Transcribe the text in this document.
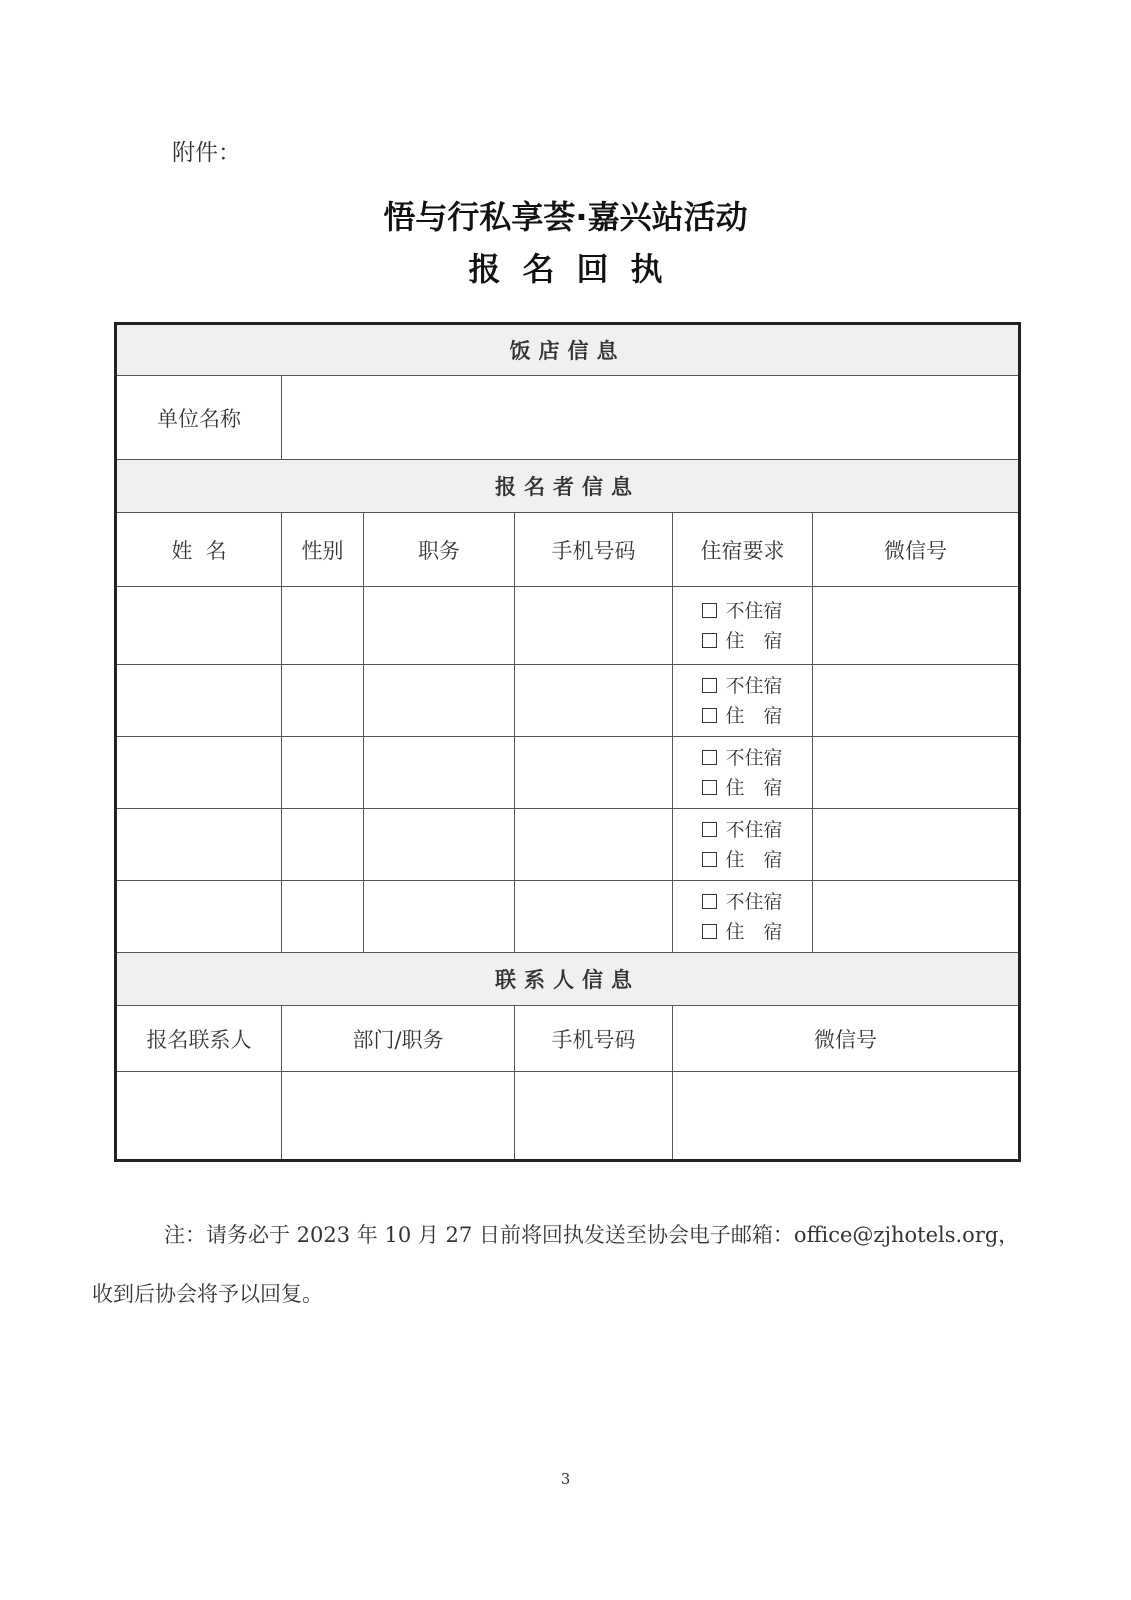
附件：
悟与行私享荟·嘉兴站活动
报名回执
饭店信息					
单位名称					
报名者信息					
姓  名	性别	职务	手机号码	住宿要求	微信号

				不住宿
住　宿	

				不住宿
住　宿	

				不住宿
住　宿	

				不住宿
住　宿	

				不住宿
住　宿	

联系人信息					
报名联系人	部门/职务		手机号码	微信号	

注：请务必于 2023 年 10 月 27 日前将回执发送至协会电子邮箱：office@zjhotels.org，
收到后协会将予以回复。
3
